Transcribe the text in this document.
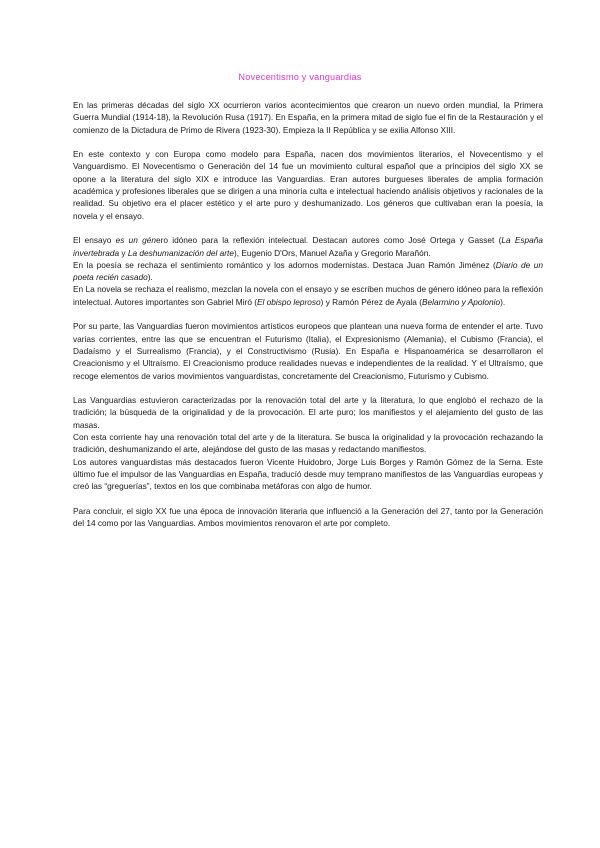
Novecentismo y vanguardias

En las primeras décadas del siglo XX ocurrieron varios acontecimientos que crearon un nuevo orden mundial, la Primera Guerra Mundial (1914-18), la Revolución Rusa (1917). En España, en la primera mitad de siglo fue el fin de la Restauración y el comienzo de la Dictadura de Primo de Rivera (1923-30). Empieza la II República y se exilia Alfonso XIII.

En este contexto y con Europa como modelo para España, nacen dos movimientos literarios, el Novecentismo y el Vanguardismo. El Novecentismo o Generación del 14 fue un movimiento cultural español que a principios del siglo XX se opone a la literatura del siglo XIX e introduce las Vanguardias. Eran autores burgueses liberales de amplia formación académica y profesiones liberales que se dirigen a una minoría culta e intelectual haciendo análisis objetivos y racionales de la realidad. Su objetivo era el placer estético y el arte puro y deshumanizado. Los géneros que cultivaban eran la poesía, la novela y el ensayo.

El ensayo es un género idóneo para la reflexión intelectual. Destacan autores como José Ortega y Gasset (La España invertebrada y La deshumanización del arte), Eugenio D'Ors, Manuel Azaña y Gregorio Marañón.
En la poesía se rechaza el sentimiento romántico y los adornos modernistas. Destaca Juan Ramón Jiménez (Diario de un poeta recién casado).
En La novela se rechaza el realismo, mezclan la novela con el ensayo y se escriben muchos de género idóneo para la reflexión intelectual. Autores importantes son Gabriel Miró (El obispo leproso) y Ramón Pérez de Ayala (Belarmino y Apolonio).

Por su parte, las Vanguardias fueron movimientos artísticos europeos que plantean una nueva forma de entender el arte. Tuvo varias corrientes, entre las que se encuentran el Futurismo (Italia), el Expresionismo (Alemania), el Cubismo (Francia), el Dadaísmo y el Surrealismo (Francia), y el Constructivismo (Rusia). En España e Hispanoamérica se desarrollaron el Creacionismo y el Ultraísmo. El Creacionismo produce realidades nuevas e independientes de la realidad. Y el Ultraísmo, que recoge elementos de varios movimientos vanguardistas, concretamente del Creacionismo, Futurismo y Cubismo.

Las Vanguardias estuvieron caracterizadas por la renovación total del arte y la literatura, lo que englobó el rechazo de la tradición; la búsqueda de la originalidad y de la provocación. El arte puro; los manifiestos y el alejamiento del gusto de las masas.
Con esta corriente hay una renovación total del arte y de la literatura. Se busca la originalidad y la provocación rechazando la tradición, deshumanizando el arte, alejándose del gusto de las masas y redactando manifiestos.
Los autores vanguardistas más destacados fueron Vicente Huidobro, Jorge Luis Borges y Ramón Gómez de la Serna. Este último fue el impulsor de las Vanguardias en España, traducíó desde muy temprano manifiestos de las Vanguardias europeas y creó las “greguerías”, textos en los que combinaba metáforas con algo de humor.

Para concluir, el siglo XX fue una época de innovación literaria que influenció a la Generación del 27, tanto por la Generación del 14 como por las Vanguardias. Ambos movimientos renovaron el arte por completo.
